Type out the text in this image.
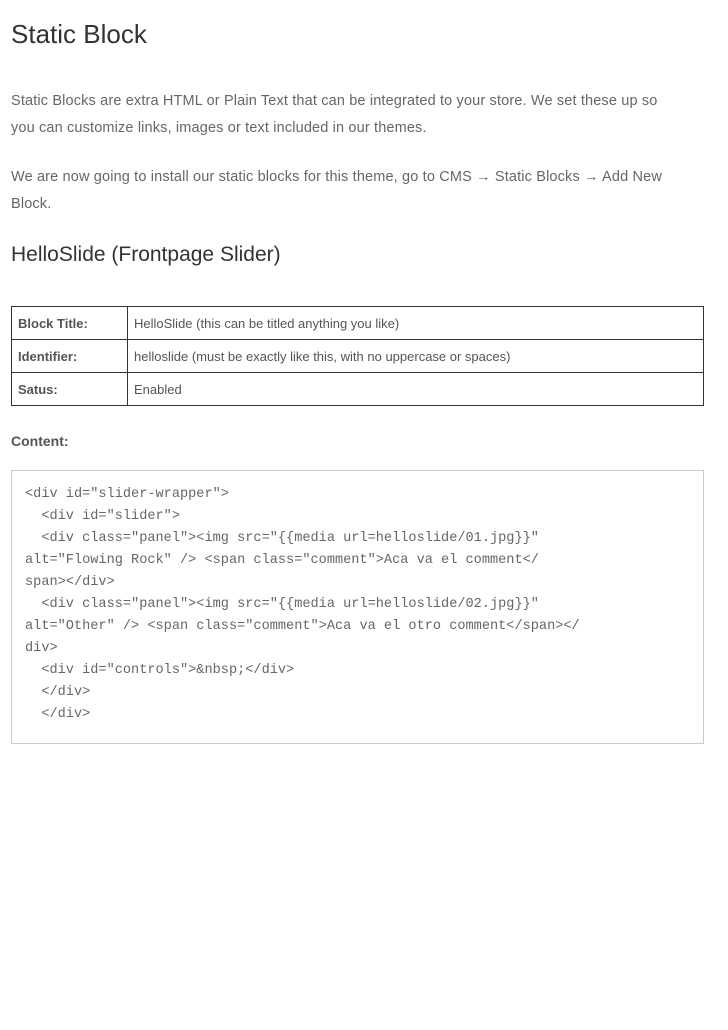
Static Block
Static Blocks are extra HTML or Plain Text that can be integrated to your store. We set these up so
you can customize links, images or text included in our themes.
We are now going to install our static blocks for this theme, go to CMS → Static Blocks → Add New
Block.
HelloSlide (Frontpage Slider)
Block Title:	HelloSlide (this can be titled anything you like)
Identifier:	helloslide (must be exactly like this, with no uppercase or spaces)
Satus:	Enabled
Content:
<div id="slider-wrapper">
<div id="slider">
<div class="panel"><img src="{{media url=helloslide/01.jpg}}"
alt="Flowing Rock" /> <span class="comment">Aca va el comment</
span></div>
<div class="panel"><img src="{{media url=helloslide/02.jpg}}"
alt="Other" /> <span class="comment">Aca va el otro comment</span></
div>
<div id="controls">&nbsp;</div>
</div>
</div>
